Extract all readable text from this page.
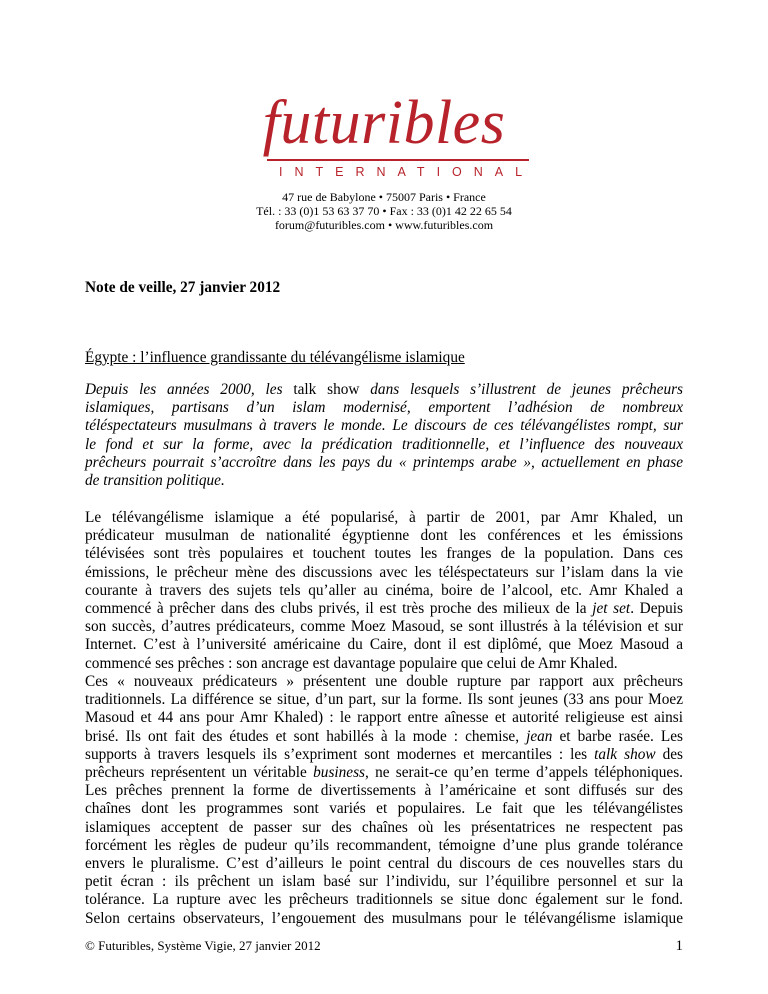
futuribles
INTERNATIONAL
47 rue de Babylone • 75007 Paris • France
Tél. : 33 (0)1 53 63 37 70 • Fax : 33 (0)1 42 22 65 54
forum@futuribles.com • www.futuribles.com
Note de veille, 27 janvier 2012
Égypte : l’influence grandissante du télévangélisme islamique
Depuis les années 2000, les talk show dans lesquels s’illustrent de jeunes prêcheurs
islamiques, partisans d’un islam modernisé, emportent l’adhésion de nombreux
téléspectateurs musulmans à travers le monde. Le discours de ces télévangélistes rompt, sur
le fond et sur la forme, avec la prédication traditionnelle, et l’influence des nouveaux
prêcheurs pourrait s’accroître dans les pays du « printemps arabe », actuellement en phase
de transition politique.
Le télévangélisme islamique a été popularisé, à partir de 2001, par Amr Khaled, un
prédicateur musulman de nationalité égyptienne dont les conférences et les émissions
télévisées sont très populaires et touchent toutes les franges de la population. Dans ces
émissions, le prêcheur mène des discussions avec les téléspectateurs sur l’islam dans la vie
courante à travers des sujets tels qu’aller au cinéma, boire de l’alcool, etc. Amr Khaled a
commencé à prêcher dans des clubs privés, il est très proche des milieux de la jet set. Depuis
son succès, d’autres prédicateurs, comme Moez Masoud, se sont illustrés à la télévision et sur
Internet. C’est à l’université américaine du Caire, dont il est diplômé, que Moez Masoud a
commencé ses prêches : son ancrage est davantage populaire que celui de Amr Khaled.
Ces « nouveaux prédicateurs » présentent une double rupture par rapport aux prêcheurs
traditionnels. La différence se situe, d’un part, sur la forme. Ils sont jeunes (33 ans pour Moez
Masoud et 44 ans pour Amr Khaled) : le rapport entre aînesse et autorité religieuse est ainsi
brisé. Ils ont fait des études et sont habillés à la mode : chemise, jean et barbe rasée. Les
supports à travers lesquels ils s’expriment sont modernes et mercantiles : les talk show des
prêcheurs représentent un véritable business, ne serait-ce qu’en terme d’appels téléphoniques.
Les prêches prennent la forme de divertissements à l’américaine et sont diffusés sur des
chaînes dont les programmes sont variés et populaires. Le fait que les télévangélistes
islamiques acceptent de passer sur des chaînes où les présentatrices ne respectent pas
forcément les règles de pudeur qu’ils recommandent, témoigne d’une plus grande tolérance
envers le pluralisme. C’est d’ailleurs le point central du discours de ces nouvelles stars du
petit écran : ils prêchent un islam basé sur l’individu, sur l’équilibre personnel et sur la
tolérance. La rupture avec les prêcheurs traditionnels se situe donc également sur le fond.
Selon certains observateurs, l’engouement des musulmans pour le télévangélisme islamique
© Futuribles, Système Vigie, 27 janvier 2012	1
